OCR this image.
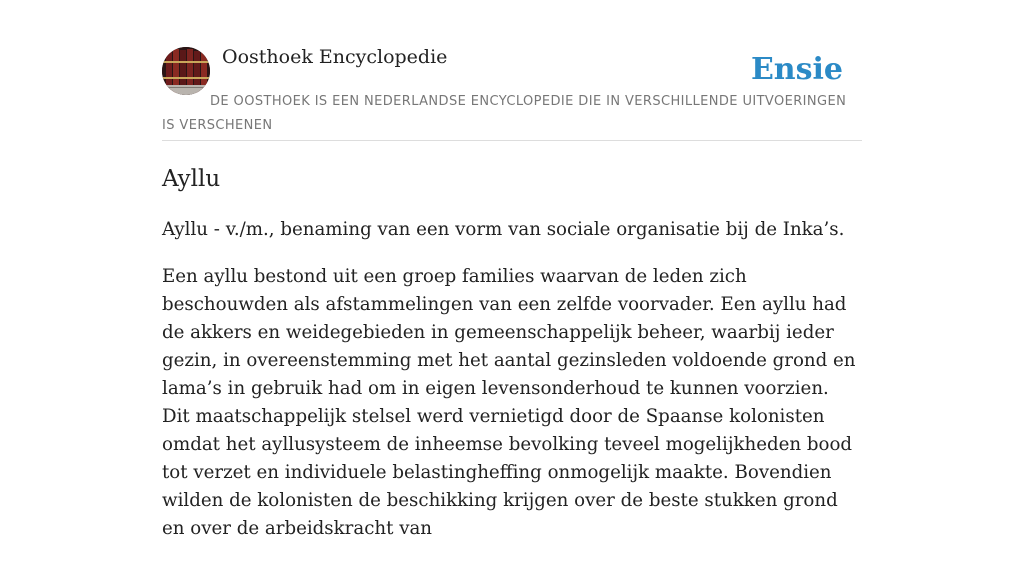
Oosthoek Encyclopedie	Ensie
DE OOSTHOEK IS EEN NEDERLANDSE ENCYCLOPEDIE DIE IN VERSCHILLENDE UITVOERINGEN IS VERSCHENEN
Ayllu

Ayllu - v./m., benaming van een vorm van sociale organisatie bij de Inka’s.

Een ayllu bestond uit een groep families waarvan de leden zich beschouwden als afstammelingen van een zelfde voorvader. Een ayllu had de akkers en weidegebieden in gemeenschappelijk beheer, waarbij ieder gezin, in overeenstemming met het aantal gezinsleden voldoende grond en lama’s in gebruik had om in eigen levensonderhoud te kunnen voorzien. Dit maatschappelijk stelsel werd vernietigd door de Spaanse kolonisten omdat het ayllusysteem de inheemse bevolking teveel mogelijkheden bood tot verzet en individuele belastingheffing onmogelijk maakte. Bovendien wilden de kolonisten de beschikking krijgen over de beste stukken grond en over de arbeidskracht van
